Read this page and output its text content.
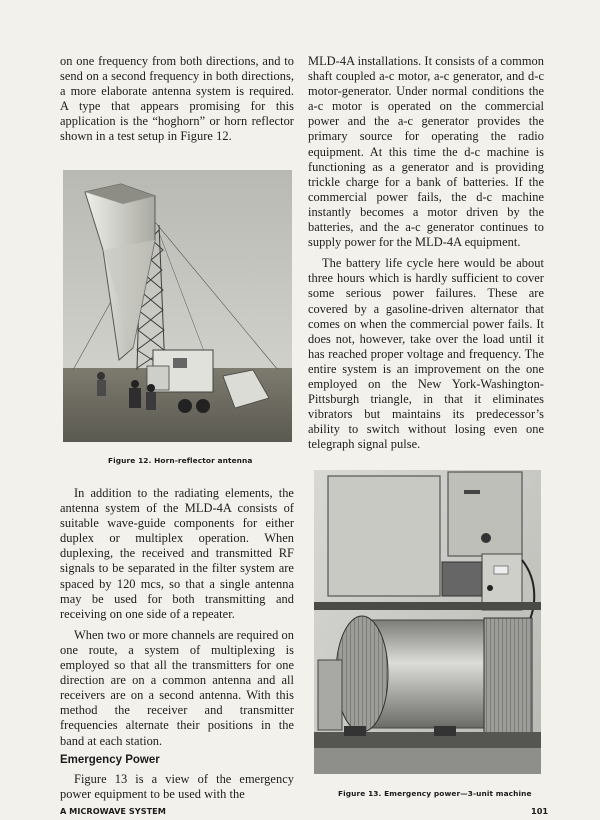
on one frequency from both directions, and to send on a second frequency in both directions, a more elaborate antenna system is required. A type that appears promising for this application is the “hoghorn” or horn reflector shown in a test setup in Figure 12.

MLD-4A installations. It consists of a common shaft coupled a-c motor, a-c generator, and d-c motor-generator. Under normal conditions the a-c motor is operated on the commercial power and the a-c generator provides the primary source for operating the radio equipment. At this time the d-c machine is functioning as a generator and is providing trickle charge for a bank of batteries. If the commercial power fails, the d-c machine instantly becomes a motor driven by the batteries, and the a-c generator continues to supply power for the MLD-4A equipment.

The battery life cycle here would be about three hours which is hardly sufficient to cover some serious power failures. These are covered by a gasoline-driven alternator that comes on when the commercial power fails. It does not, however, take over the load until it has reached proper voltage and frequency. The entire system is an improvement on the one employed on the New York-Washington-Pittsburgh triangle, in that it eliminates vibrators but maintains its predecessor’s ability to switch without losing even one telegraph signal pulse.

Figure 12. Horn-reflector antenna

In addition to the radiating elements, the antenna system of the MLD-4A consists of suitable wave-guide components for either duplex or multiplex operation. When duplexing, the received and transmitted RF signals to be separated in the filter system are spaced by 120 mcs, so that a single antenna may be used for both transmitting and receiving on one side of a repeater.

When two or more channels are required on one route, a system of multiplexing is employed so that all the transmitters for one direction are on a common antenna and all receivers are on a second antenna. With this method the receiver and transmitter frequencies alternate their positions in the band at each station.

Emergency Power

Figure 13 is a view of the emergency power equipment to be used with the	Figure 13. Emergency power—3-unit machine
A MICROWAVE SYSTEM	101
